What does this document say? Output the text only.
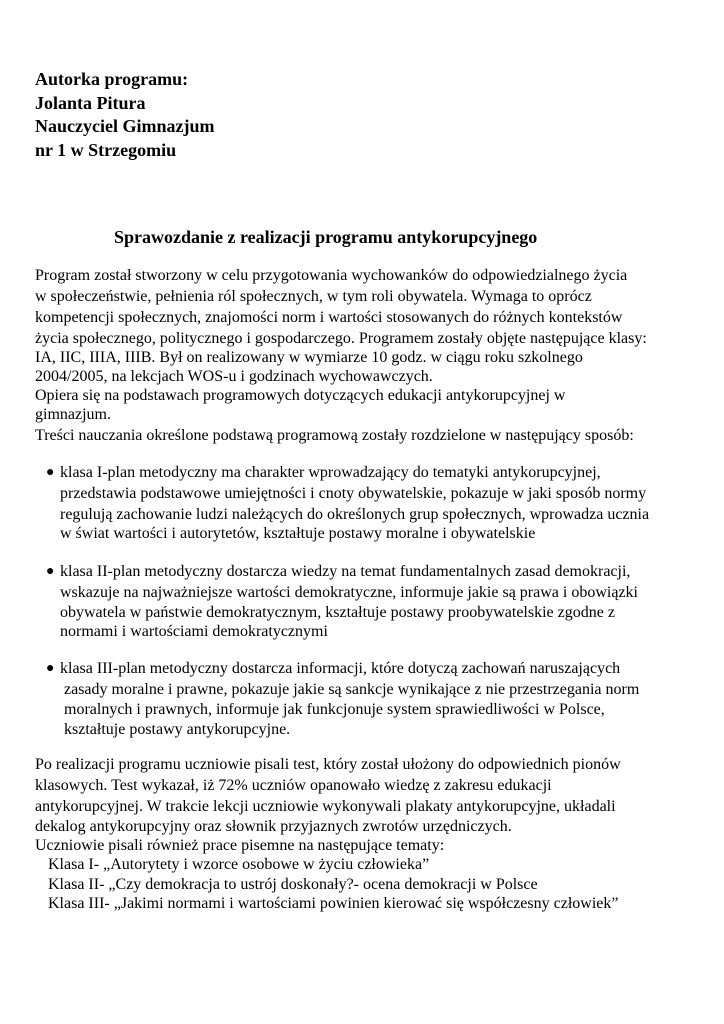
Autorka programu:
Jolanta Pitura
Nauczyciel Gimnazjum
nr 1 w Strzegomiu
Sprawozdanie z realizacji programu antykorupcyjnego
Program został stworzony w celu przygotowania wychowanków do odpowiedzialnego życia
w społeczeństwie, pełnienia ról społecznych, w tym roli obywatela. Wymaga to oprócz
kompetencji społecznych, znajomości norm i wartości stosowanych do różnych kontekstów
życia społecznego, politycznego i gospodarczego. Programem zostały objęte następujące klasy:
IA, IIC, IIIA, IIIB. Był on realizowany w wymiarze 10 godz. w ciągu roku szkolnego
2004/2005, na lekcjach WOS-u i godzinach wychowawczych.
Opiera się na podstawach programowych dotyczących edukacji antykorupcyjnej w
gimnazjum.
Treści nauczania określone podstawą programową zostały rozdzielone w następujący sposób:
● klasa I-plan metodyczny ma charakter wprowadzający do tematyki antykorupcyjnej,
przedstawia podstawowe umiejętności i cnoty obywatelskie, pokazuje w jaki sposób normy
regulują zachowanie ludzi należących do określonych grup społecznych, wprowadza ucznia
w świat wartości i autorytetów, kształtuje postawy moralne i obywatelskie
● klasa II-plan metodyczny dostarcza wiedzy na temat fundamentalnych zasad demokracji,
wskazuje na najważniejsze wartości demokratyczne, informuje jakie są prawa i obowiązki
obywatela w państwie demokratycznym, kształtuje postawy proobywatelskie zgodne z
normami i wartościami demokratycznymi
● klasa III-plan metodyczny dostarcza informacji, które dotyczą zachowań naruszających
zasady moralne i prawne, pokazuje jakie są sankcje wynikające z nie przestrzegania norm
moralnych i prawnych, informuje jak funkcjonuje system sprawiedliwości w Polsce,
kształtuje postawy antykorupcyjne.
Po realizacji programu uczniowie pisali test, który został ułożony do odpowiednich pionów
klasowych. Test wykazał, iż 72% uczniów opanowało wiedzę z zakresu edukacji
antykorupcyjnej. W trakcie lekcji uczniowie wykonywali plakaty antykorupcyjne, układali
dekalog antykorupcyjny oraz słownik przyjaznych zwrotów urzędniczych.
Uczniowie pisali również prace pisemne na następujące tematy:
Klasa I- „Autorytety i wzorce osobowe w życiu człowieka”
Klasa II- „Czy demokracja to ustrój doskonały?- ocena demokracji w Polsce
Klasa III- „Jakimi normami i wartościami powinien kierować się współczesny człowiek”
